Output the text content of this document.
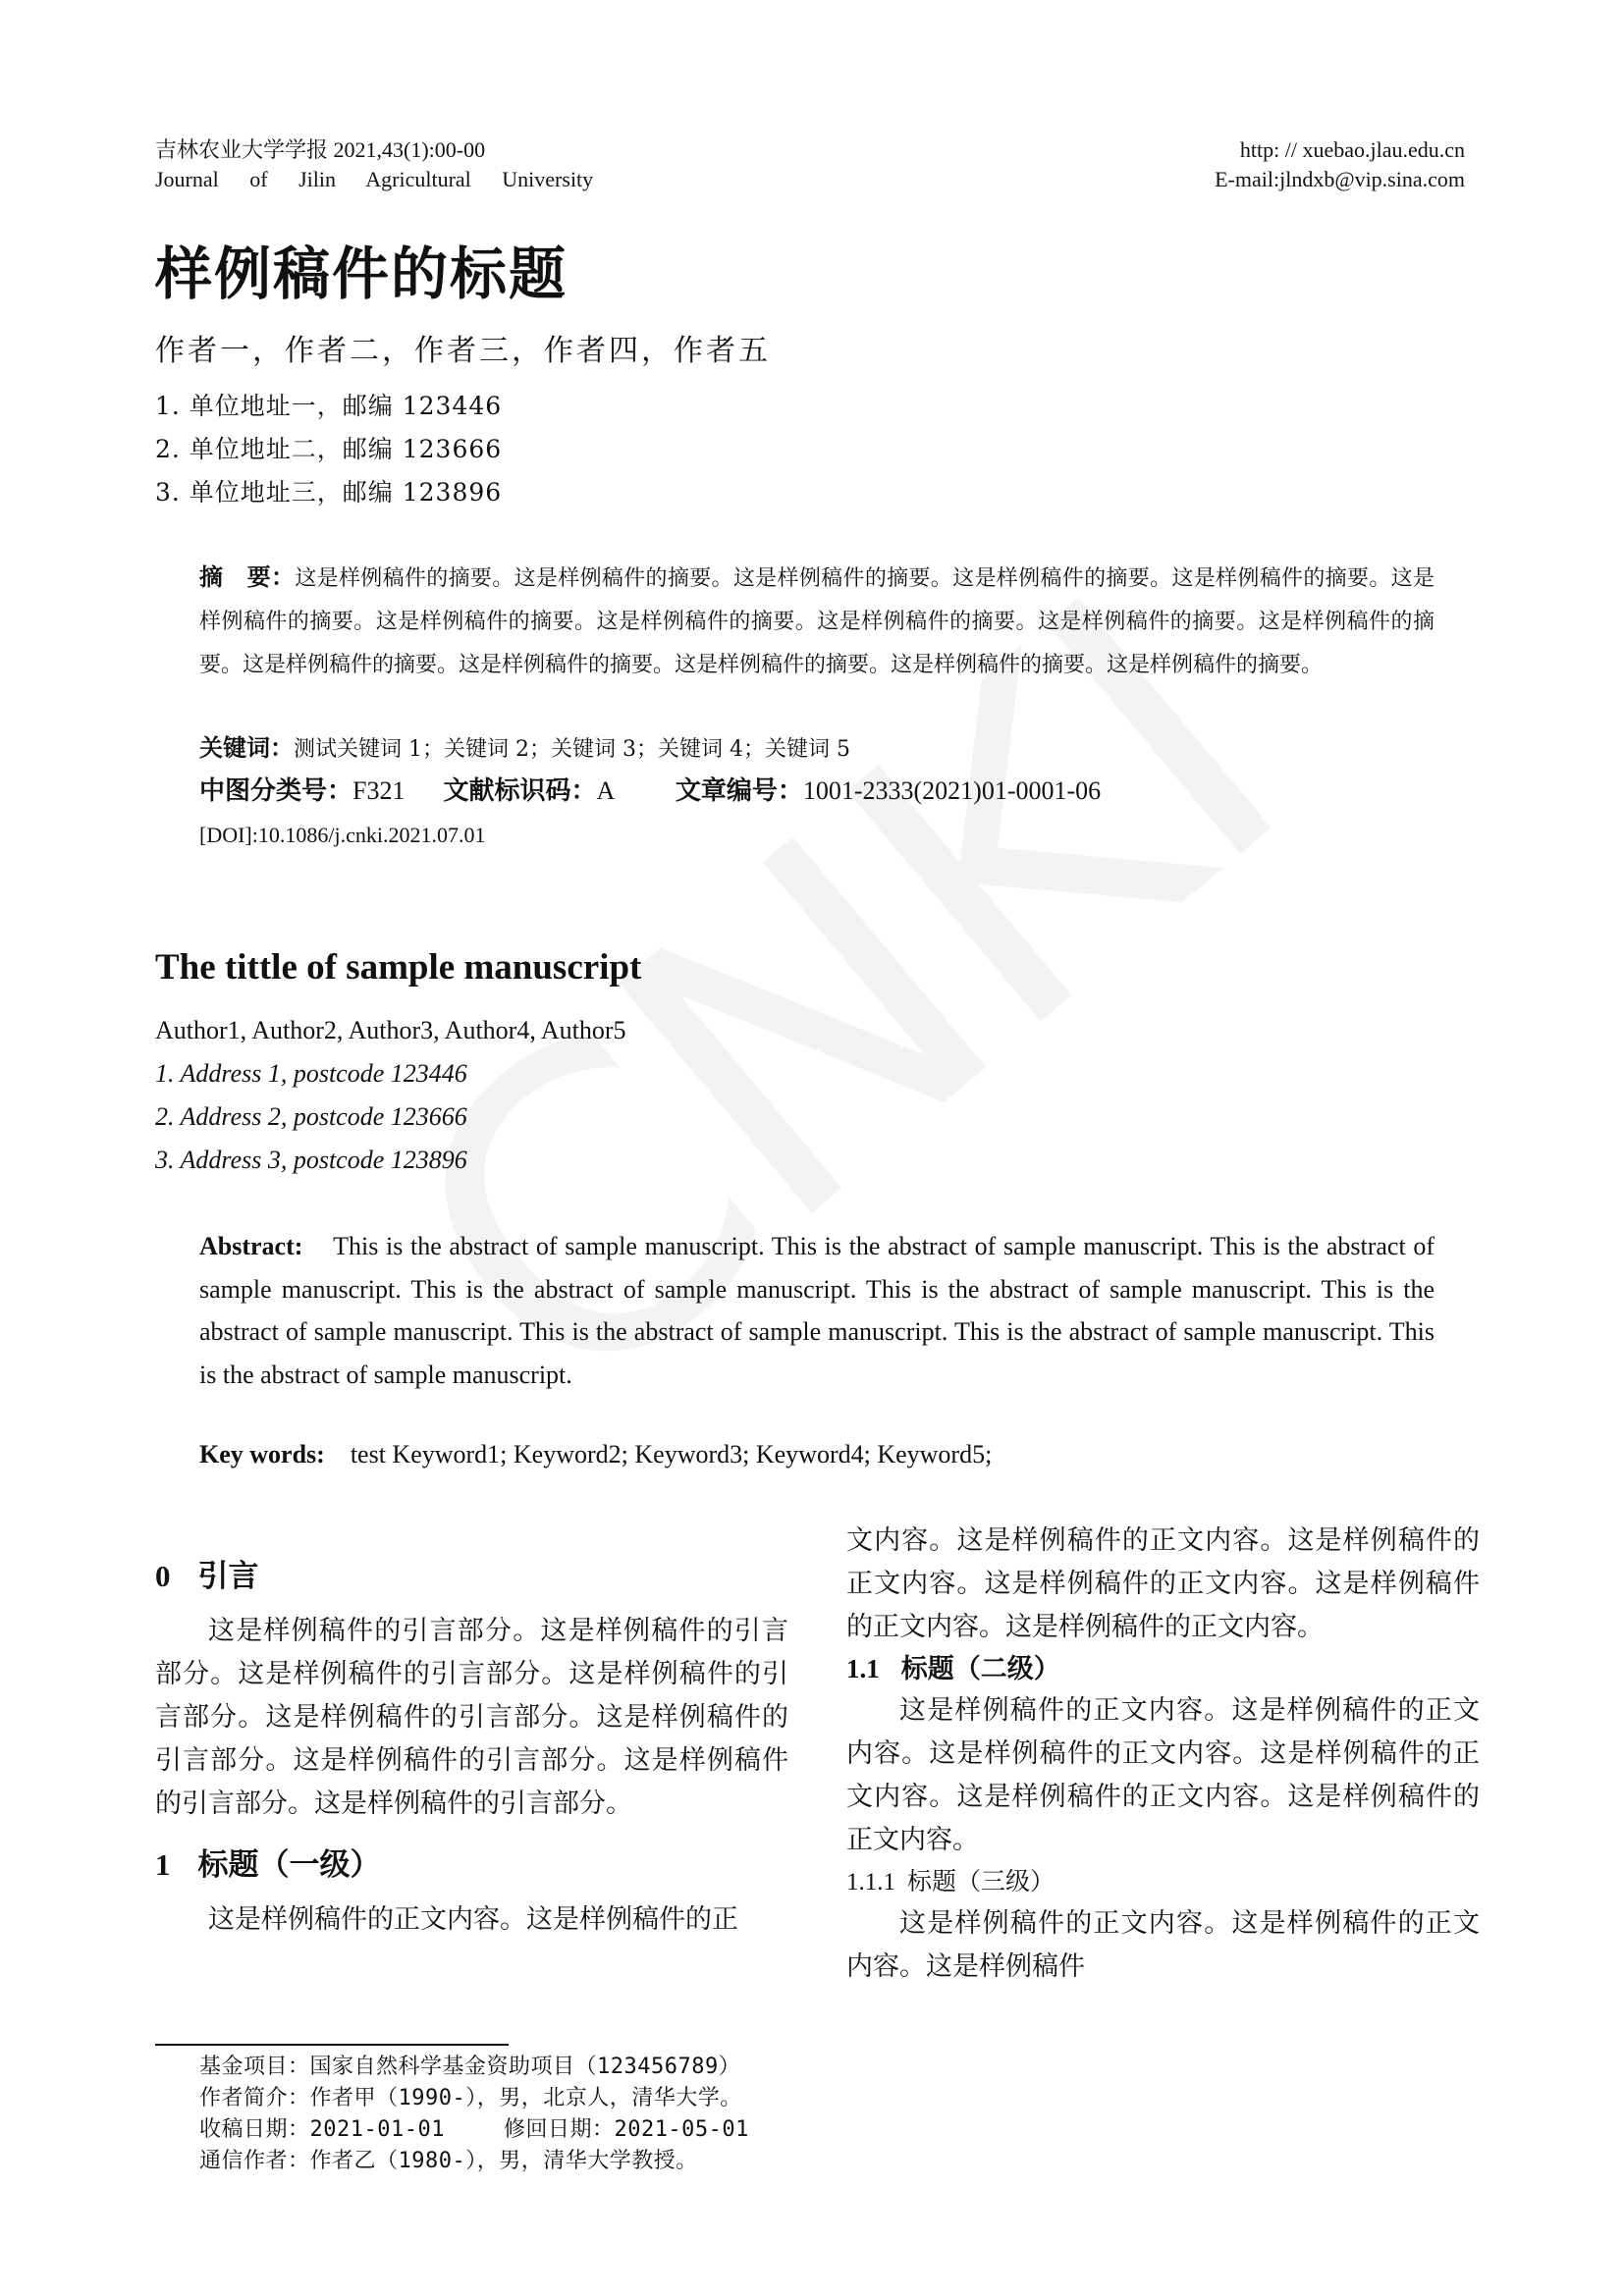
吉林农业大学学报 2021,43(1):00-00
Journal of Jilin Agricultural University
http: // xuebao.jlau.edu.cn
E-mail:jlndxb@vip.sina.com
样例稿件的标题
作者一，作者二，作者三，作者四，作者五
1. 单位地址一，邮编 123446
2. 单位地址二，邮编 123666
3. 单位地址三，邮编 123896
摘　要：这是样例稿件的摘要。这是样例稿件的摘要。这是样例稿件的摘要。这是样例稿件的摘要。这是样例稿件的摘要。这是样例稿件的摘要。这是样例稿件的摘要。这是样例稿件的摘要。这是样例稿件的摘要。这是样例稿件的摘要。这是样例稿件的摘要。这是样例稿件的摘要。这是样例稿件的摘要。这是样例稿件的摘要。这是样例稿件的摘要。这是样例稿件的摘要。
关键词：测试关键词 1；关键词 2；关键词 3；关键词 4；关键词 5
中图分类号：F321 文献标识码：A 文章编号：1001-2333(2021)01-0001-06
[DOI]:10.1086/j.cnki.2021.07.01
The tittle of sample manuscript
Author1, Author2, Author3, Author4, Author5
1. Address 1, postcode 123446
2. Address 2, postcode 123666
3. Address 3, postcode 123896
Abstract: This is the abstract of sample manuscript. This is the abstract of sample manuscript. This is the abstract of sample manuscript. This is the abstract of sample manuscript. This is the abstract of sample manuscript. This is the abstract of sample manuscript. This is the abstract of sample manuscript. This is the abstract of sample manuscript. This is the abstract of sample manuscript.
Key words: test Keyword1; Keyword2; Keyword3; Keyword4; Keyword5;
0 引言

这是样例稿件的引言部分。这是样例稿件的引言部分。这是样例稿件的引言部分。这是样例稿件的引言部分。这是样例稿件的引言部分。这是样例稿件的引言部分。这是样例稿件的引言部分。这是样例稿件的引言部分。这是样例稿件的引言部分。

1 标题（一级）

这是样例稿件的正文内容。这是样例稿件的正

文内容。这是样例稿件的正文内容。这是样例稿件的正文内容。这是样例稿件的正文内容。这是样例稿件的正文内容。这是样例稿件的正文内容。

1.1 标题（二级）

这是样例稿件的正文内容。这是样例稿件的正文内容。这是样例稿件的正文内容。这是样例稿件的正文内容。这是样例稿件的正文内容。这是样例稿件的正文内容。

1.1.1 标题（三级）

这是样例稿件的正文内容。这是样例稿件的正文内容。这是样例稿件

基金项目：国家自然科学基金资助项目（123456789）
作者简介：作者甲（1990-），男，北京人，清华大学。
收稿日期：2021-01-01	修回日期：2021-05-01
通信作者：作者乙（1980-），男，清华大学教授。
